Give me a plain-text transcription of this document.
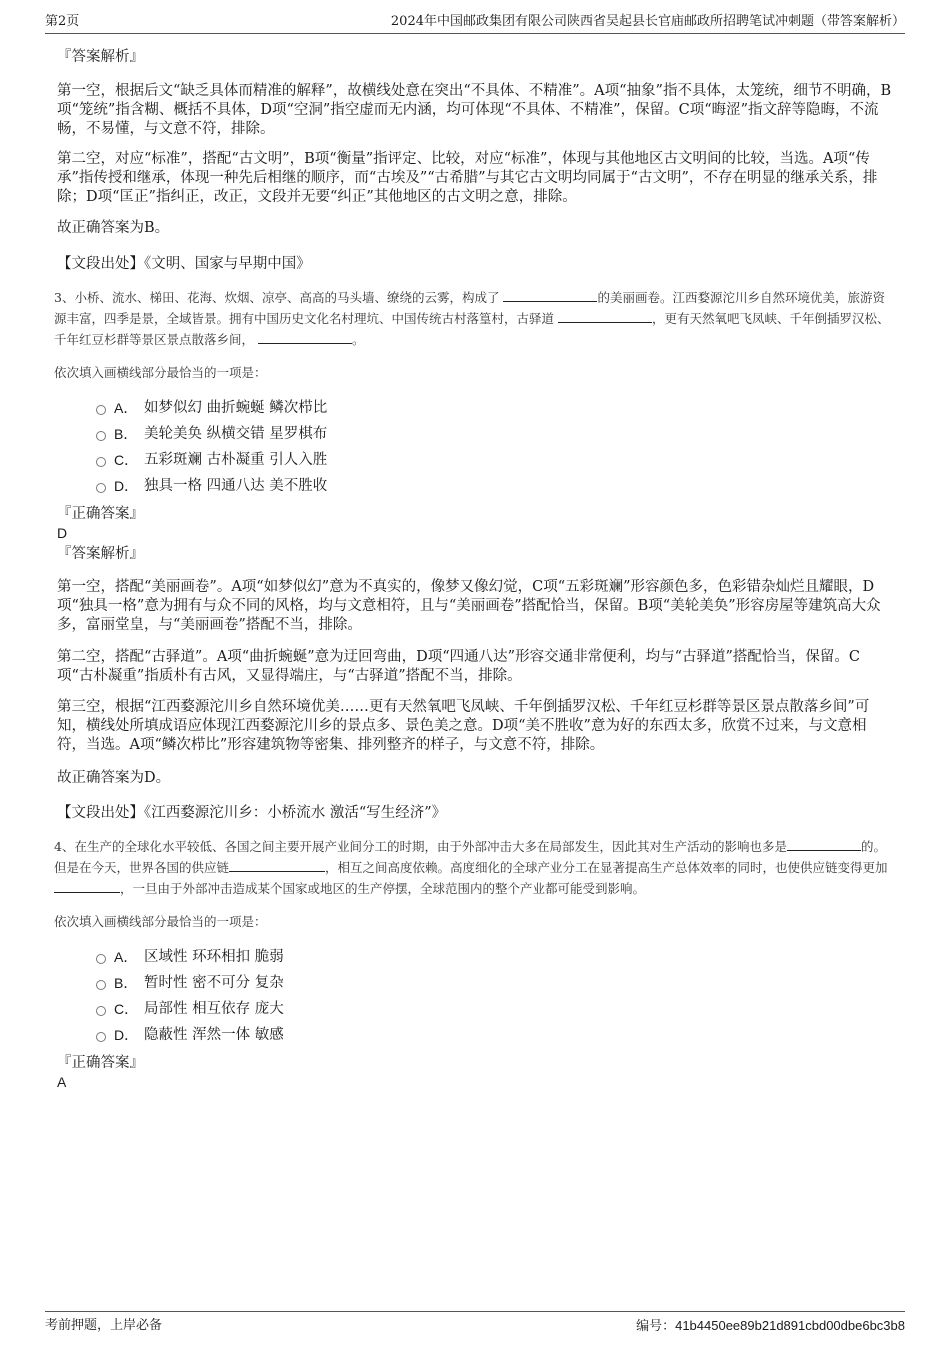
第2页	2024年中国邮政集团有限公司陕西省吴起县长官庙邮政所招聘笔试冲刺题（带答案解析）
『答案解析』
第一空，根据后文“缺乏具体而精准的解释”，故横线处意在突出“不具体、不精准”。A项“抽象”指不具体，太笼统，细节不明确，B项“笼统”指含糊、概括不具体，D项“空洞”指空虚而无内涵，均可体现“不具体、不精准”，保留。C项“晦涩”指文辞等隐晦，不流畅，不易懂，与文意不符，排除。
第二空，对应“标准”，搭配“古文明”，B项“衡量”指评定、比较，对应“标准”，体现与其他地区古文明间的比较，当选。A项“传承”指传授和继承，体现一种先后相继的顺序，而“古埃及”“古希腊”与其它古文明均同属于“古文明”，不存在明显的继承关系，排除；D项“匡正”指纠正，改正，文段并无要“纠正”其他地区的古文明之意，排除。
故正确答案为B。
【文段出处】《文明、国家与早期中国》
3、小桥、流水、梯田、花海、炊烟、凉亭、高高的马头墙、缭绕的云雾，构成了	的美丽画卷。江西婺源沱川乡自然环境优美，旅游资源丰富，四季是景，全域皆景。拥有中国历史文化名村理坑、中国传统古村落篁村，古驿道	，更有天然氧吧飞凤峡、千年倒插罗汉松、千年红豆杉群等景区景点散落乡间，	。
依次填入画横线部分最恰当的一项是：
A． 如梦似幻 曲折蜿蜒 鳞次栉比
B． 美轮美奂 纵横交错 星罗棋布
C． 五彩斑斓 古朴凝重 引人入胜
D． 独具一格 四通八达 美不胜收
『正确答案』
D
『答案解析』
第一空，搭配“美丽画卷”。A项“如梦似幻”意为不真实的，像梦又像幻觉，C项“五彩斑斓”形容颜色多，色彩错杂灿烂且耀眼，D项“独具一格”意为拥有与众不同的风格，均与文意相符，且与“美丽画卷”搭配恰当，保留。B项“美轮美奂”形容房屋等建筑高大众多，富丽堂皇，与“美丽画卷”搭配不当，排除。
第二空，搭配“古驿道”。A项“曲折蜿蜒”意为迂回弯曲，D项“四通八达”形容交通非常便利，均与“古驿道”搭配恰当，保留。C项“古朴凝重”指质朴有古风，又显得端庄，与“古驿道”搭配不当，排除。
第三空，根据“江西婺源沱川乡自然环境优美……更有天然氧吧飞凤峡、千年倒插罗汉松、千年红豆杉群等景区景点散落乡间”可知，横线处所填成语应体现江西婺源沱川乡的景点多、景色美之意。D项“美不胜收”意为好的东西太多，欣赏不过来，与文意相符，当选。A项“鳞次栉比”形容建筑物等密集、排列整齐的样子，与文意不符，排除。
故正确答案为D。
【文段出处】《江西婺源沱川乡：小桥流水 激活“写生经济”》
4、在生产的全球化水平较低、各国之间主要开展产业间分工的时期，由于外部冲击大多在局部发生，因此其对生产活动的影响也多是	的。但是在今天，世界各国的供应链	，相互之间高度依赖。高度细化的全球产业分工在显著提高生产总体效率的同时，也使供应链变得更加，一旦由于外部冲击造成某个国家或地区的生产停摆，全球范围内的整个产业都可能受到影响。
依次填入画横线部分最恰当的一项是：
A． 区域性 环环相扣 脆弱
B． 暂时性 密不可分 复杂
C． 局部性 相互依存 庞大
D． 隐蔽性 浑然一体 敏感
『正确答案』
A
考前押题，上岸必备	编号：41b4450ee89b21d891cbd00dbe6bc3b8
